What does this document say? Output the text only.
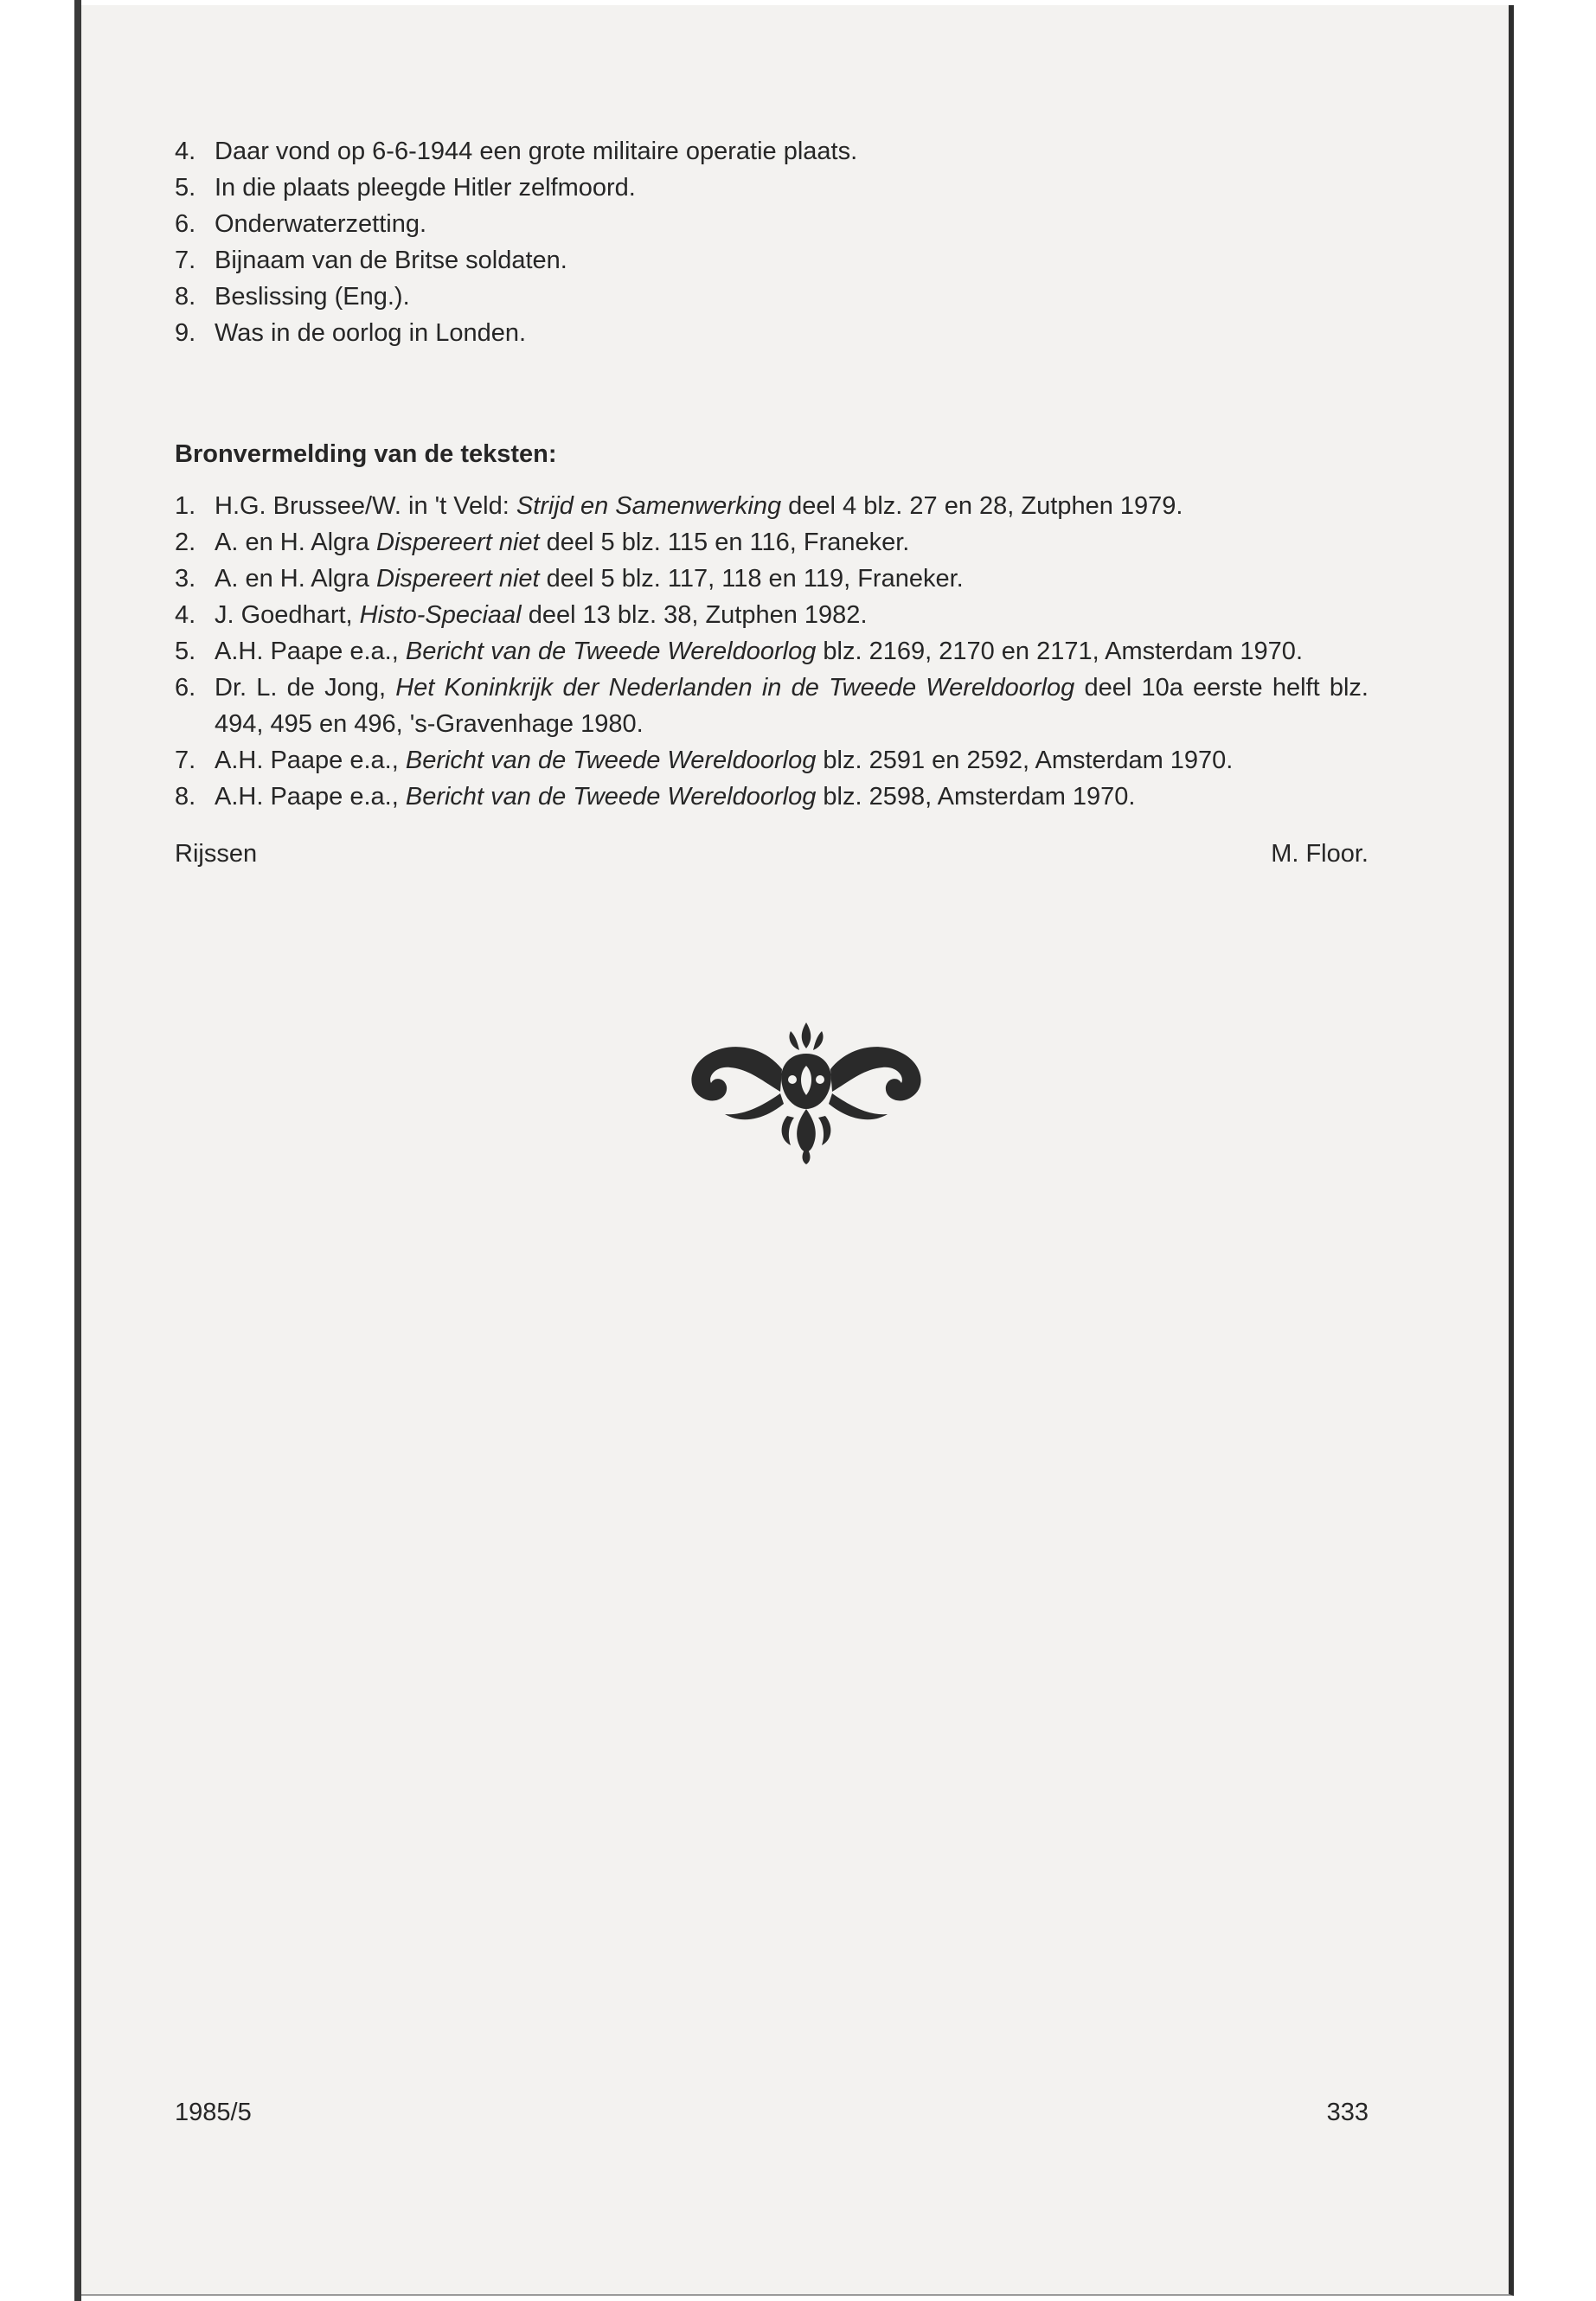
4. Daar vond op 6-6-1944 een grote militaire operatie plaats.
5. In die plaats pleegde Hitler zelfmoord.
6. Onderwaterzetting.
7. Bijnaam van de Britse soldaten.
8. Beslissing (Eng.).
9. Was in de oorlog in Londen.
Bronvermelding van de teksten:
1. H.G. Brussee/W. in 't Veld: Strijd en Samenwerking deel 4 blz. 27 en 28, Zutphen 1979.
2. A. en H. Algra Dispereert niet deel 5 blz. 115 en 116, Franeker.
3. A. en H. Algra Dispereert niet deel 5 blz. 117, 118 en 119, Franeker.
4. J. Goedhart, Histo-Speciaal deel 13 blz. 38, Zutphen 1982.
5. A.H. Paape e.a., Bericht van de Tweede Wereldoorlog blz. 2169, 2170 en 2171, Amsterdam 1970.
6. Dr. L. de Jong, Het Koninkrijk der Nederlanden in de Tweede Wereldoorlog deel 10a eerste helft blz. 494, 495 en 496, 's-Gravenhage 1980.
7. A.H. Paape e.a., Bericht van de Tweede Wereldoorlog blz. 2591 en 2592, Amsterdam 1970.
8. A.H. Paape e.a., Bericht van de Tweede Wereldoorlog blz. 2598, Amsterdam 1970.
Rijssen	M. Floor.
1985/5	333
